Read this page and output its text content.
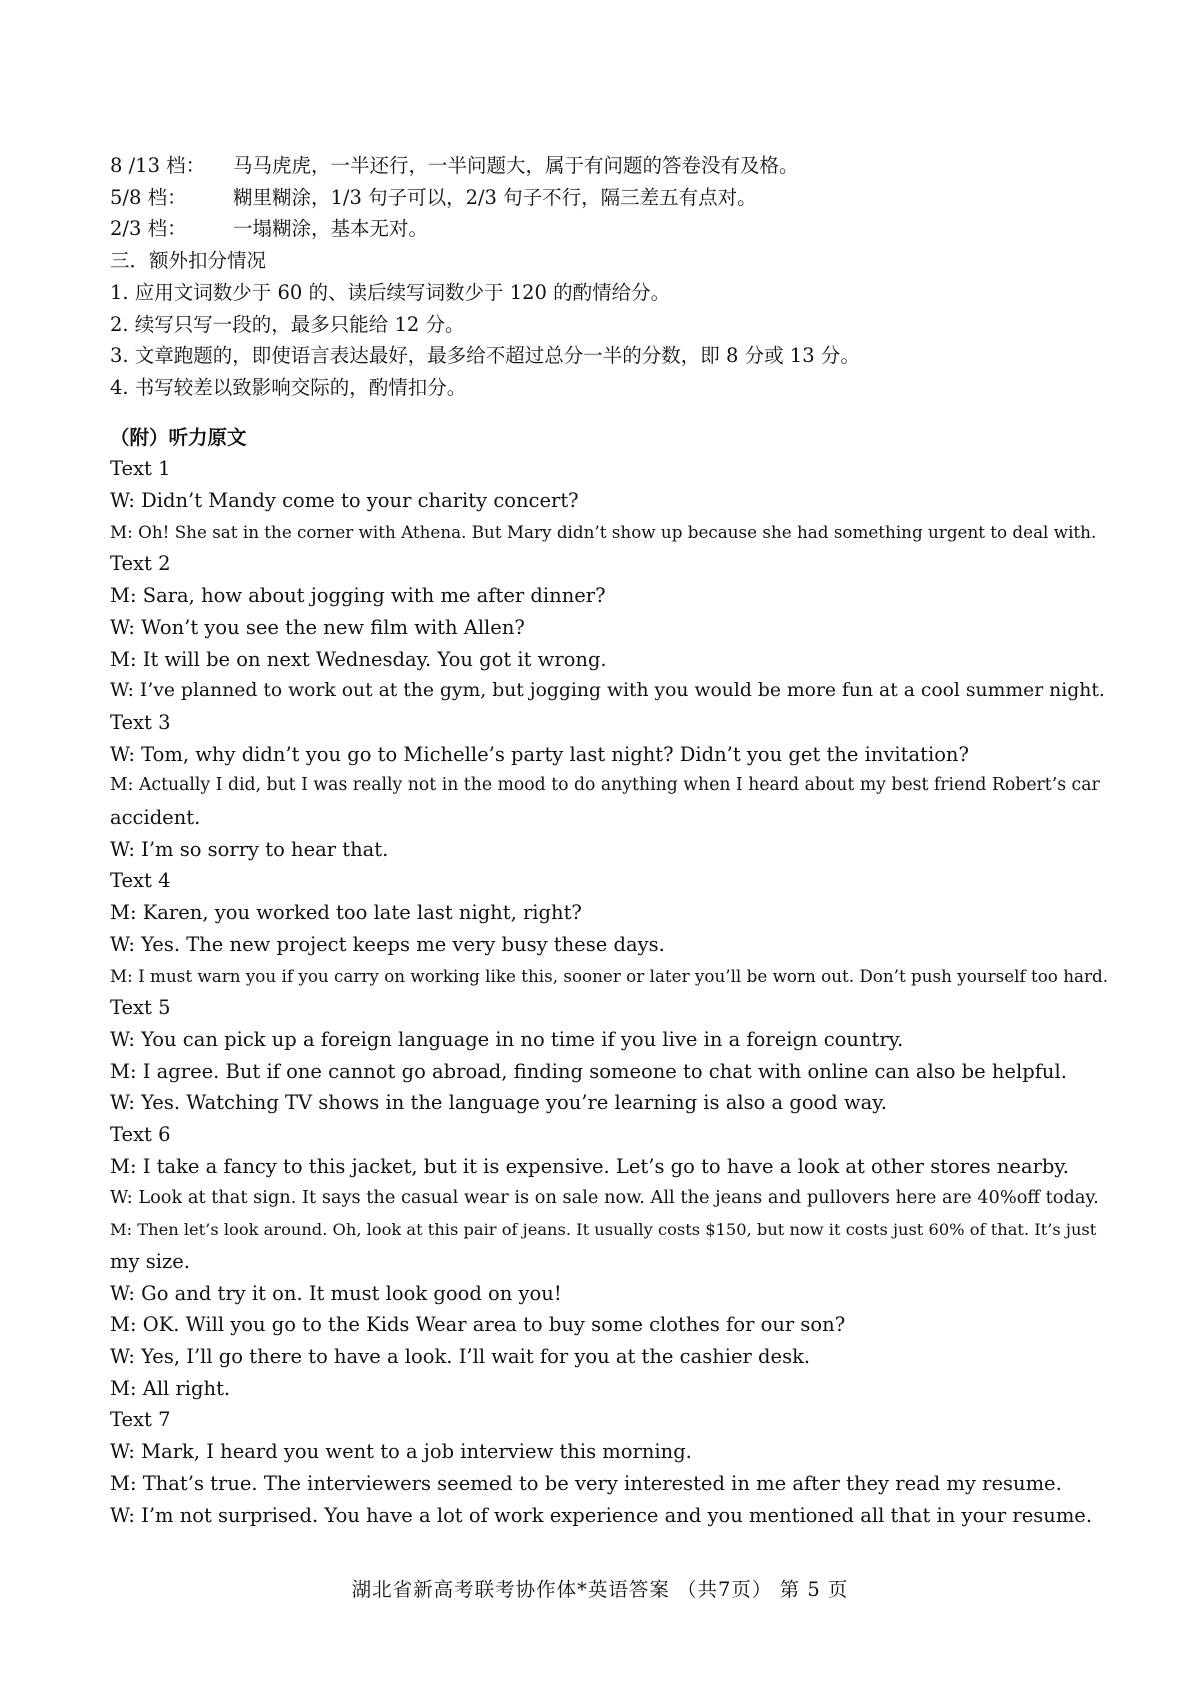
8 /13 档：	马马虎虎，一半还行，一半问题大，属于有问题的答卷没有及格。
5/8 档：	糊里糊涂，1/3 句子可以，2/3 句子不行，隔三差五有点对。
2/3 档：	一塌糊涂，基本无对。
三．额外扣分情况
1. 应用文词数少于 60 的、读后续写词数少于 120 的酌情给分。
2. 续写只写一段的，最多只能给 12 分。
3. 文章跑题的，即使语言表达最好，最多给不超过总分一半的分数，即 8 分或 13 分。
4. 书写较差以致影响交际的，酌情扣分。
（附）听力原文
Text 1
W: Didn’t Mandy come to your charity concert?
M: Oh! She sat in the corner with Athena. But Mary didn’t show up because she had something urgent to deal with.
Text 2
M: Sara, how about jogging with me after dinner?
W: Won’t you see the new film with Allen?
M: It will be on next Wednesday. You got it wrong.
W: I’ve planned to work out at the gym, but jogging with you would be more fun at a cool summer night.
Text 3
W: Tom, why didn’t you go to Michelle’s party last night? Didn’t you get the invitation?
M: Actually I did, but I was really not in the mood to do anything when I heard about my best friend Robert’s car
accident.
W: I’m so sorry to hear that.
Text 4
M: Karen, you worked too late last night, right?
W: Yes. The new project keeps me very busy these days.
M: I must warn you if you carry on working like this, sooner or later you’ll be worn out. Don’t push yourself too hard.
Text 5
W: You can pick up a foreign language in no time if you live in a foreign country.
M: I agree. But if one cannot go abroad, finding someone to chat with online can also be helpful.
W: Yes. Watching TV shows in the language you’re learning is also a good way.
Text 6
M: I take a fancy to this jacket, but it is expensive. Let’s go to have a look at other stores nearby.
W: Look at that sign. It says the casual wear is on sale now. All the jeans and pullovers here are 40%off today.
M: Then let’s look around. Oh, look at this pair of jeans. It usually costs $150, but now it costs just 60% of that. It’s just
my size.
W: Go and try it on. It must look good on you!
M: OK. Will you go to the Kids Wear area to buy some clothes for our son?
W: Yes, I’ll go there to have a look. I’ll wait for you at the cashier desk.
M: All right.
Text 7
W: Mark, I heard you went to a job interview this morning.
M: That’s true. The interviewers seemed to be very interested in me after they read my resume.
W: I’m not surprised. You have a lot of work experience and you mentioned all that in your resume.
湖北省新高考联考协作体*英语答案 （共7页） 第 5 页
